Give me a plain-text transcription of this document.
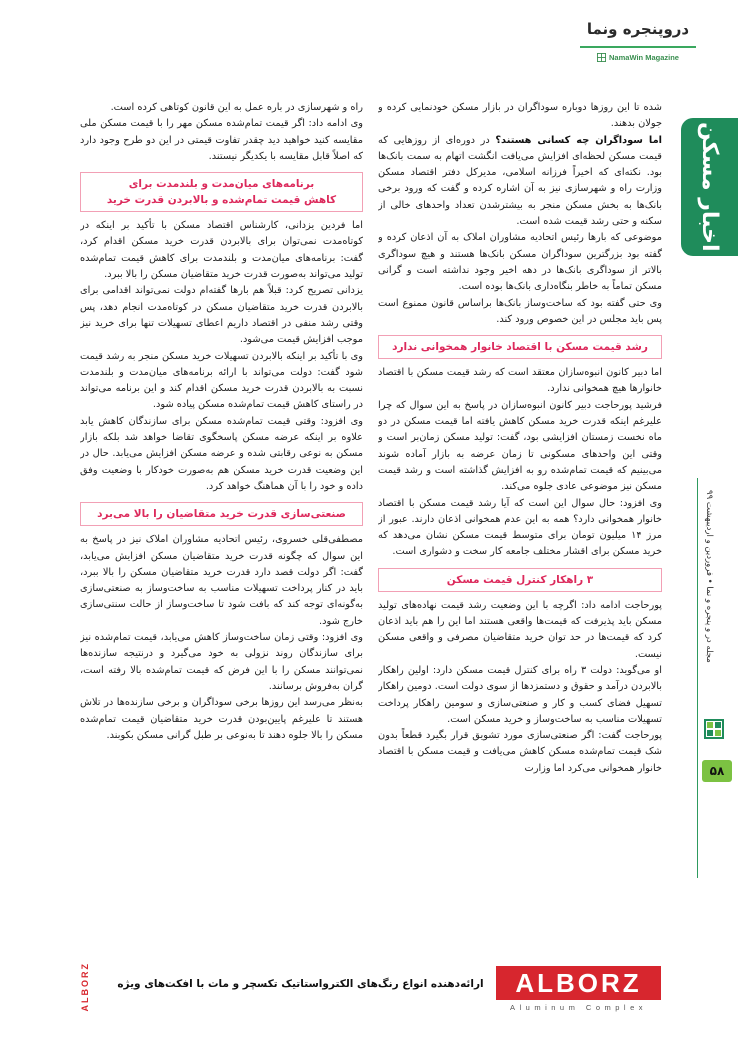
دروپنجره ونما
NamaWin Magazine
اخبار مسکن
مجله در و پنجره و نما • فروردین و اردیبهشت ۹۹
۵۸

شده تا این روزها دوباره سوداگران در بازار مسکن خودنمایی کرده و جولان بدهند.

اما سوداگران چه کسانی هستند؟ در دوره‌ای از روزهایی که قیمت مسکن لحظه‌ای افزایش می‌یافت انگشت اتهام به سمت بانک‌ها بود. نکته‌ای که اخیراً فرزانه اسلامی، مدیرکل دفتر اقتصاد مسکن وزارت راه و شهرسازی نیز به آن اشاره کرده و گفت که ورود برخی بانک‌ها به بخش مسکن منجر به بیشترشدن تعداد واحدهای خالی از سکنه و حتی رشد قیمت شده است.

موضوعی که بارها رئیس اتحادیه مشاوران املاک به آن اذعان کرده و گفته بود بزرگترین سوداگران مسکن بانک‌ها هستند و هیچ سوداگری بالاتر از سوداگری بانک‌ها در دهه اخیر وجود نداشته است و گرانی مسکن تماماً به خاطر بنگاه‌داری بانک‌ها بوده است.

وی حتی گفته بود که ساخت‌وساز بانک‌ها براساس قانون ممنوع است پس باید مجلس در این خصوص ورود کند.

رشد قیمت مسکن با اقتصاد خانوار همخوانی ندارد

اما دبیر کانون انبوه‌سازان معتقد است که رشد قیمت مسکن با اقتصاد خانوارها هیچ همخوانی ندارد.

فرشید پورحاجت دبیر کانون انبوه‌سازان در پاسخ به این سوال که چرا علیرغم اینکه قدرت خرید مسکن کاهش یافته اما قیمت مسکن در دو ماه نخست زمستان افزایشی بود، گفت: تولید مسکن زمان‌بر است و وقتی این واحدهای مسکونی تا زمان عرضه به بازار آماده شوند می‌بینیم که قیمت تمام‌شده رو به افزایش گذاشته است و رشد قیمت مسکن نیز موضوعی عادی جلوه می‌کند.

وی افزود: حال سوال این است که آیا رشد قیمت مسکن با اقتصاد خانوار همخوانی دارد؟ همه به این عدم همخوانی اذعان دارند. عبور از مرز ۱۴ میلیون تومان برای متوسط قیمت مسکن نشان می‌دهد که خرید مسکن برای اقشار مختلف جامعه کار سخت و دشواری است.

۳ راهکار کنترل قیمت مسکن

پورحاجت ادامه داد: اگرچه با این وضعیت رشد قیمت نهاده‌های تولید مسکن باید پذیرفت که قیمت‌ها واقعی هستند اما این را هم باید اذعان کرد که قیمت‌ها در حد توان خرید متقاضیان مصرفی و واقعی مسکن نیست.

او می‌گوید: دولت ۳ راه برای کنترل قیمت مسکن دارد: اولین راهکار بالابردن درآمد و حقوق و دستمزدها از سوی دولت است. دومین راهکار تسهیل فضای کسب و کار و صنعتی‌سازی و سومین راهکار پرداخت تسهیلات مناسب به ساخت‌وساز و خرید مسکن است.

پورحاجت گفت: اگر صنعتی‌سازی مورد تشویق قرار بگیرد قطعاً بدون شک قیمت تمام‌شده مسکن کاهش می‌یافت و قیمت مسکن با اقتصاد خانوار همخوانی می‌کرد اما وزارت

راه و شهرسازی در باره عمل به این قانون کوتاهی کرده است.

وی ادامه داد: اگر قیمت تمام‌شده مسکن مهر را با قیمت مسکن ملی مقایسه کنید خواهید دید چقدر تفاوت قیمتی در این دو طرح وجود دارد که اصلاً قابل مقایسه با یکدیگر نیستند.

برنامه‌های میان‌مدت و بلندمدت برای
کاهش قیمت تمام‌شده و بالابردن قدرت خرید

اما فردین یزدانی، کارشناس اقتصاد مسکن با تأکید بر اینکه در کوتاه‌مدت نمی‌توان برای بالابردن قدرت خرید مسکن اقدام کرد، گفت: برنامه‌های میان‌مدت و بلندمدت برای کاهش قیمت تمام‌شده تولید می‌تواند به‌صورت قدرت خرید متقاضیان مسکن را بالا ببرد.

یزدانی تصریح کرد: قبلاً هم بارها گفته‌ام دولت نمی‌تواند اقدامی برای بالابردن قدرت خرید متقاضیان مسکن در کوتاه‌مدت انجام دهد، پس وقتی رشد منفی در اقتصاد داریم اعطای تسهیلات تنها برای خرید نیز موجب افزایش قیمت می‌شود.

وی با تأکید بر اینکه بالابردن تسهیلات خرید مسکن منجر به رشد قیمت شود گفت: دولت می‌تواند با ارائه برنامه‌های میان‌مدت و بلندمدت نسبت به بالابردن قدرت خرید مسکن اقدام کند و این برنامه می‌تواند در راستای کاهش قیمت تمام‌شده مسکن پیاده شود.

وی افزود: وقتی قیمت تمام‌شده مسکن برای سازندگان کاهش یابد علاوه بر اینکه عرضه مسکن پاسخگوی تقاضا خواهد شد بلکه بازار مسکن به نوعی رقابتی شده و عرضه مسکن افزایش می‌یابد. حال در این وضعیت قدرت خرید مسکن هم به‌صورت خودکار با وضعیت وفق داده و خود را با آن هماهنگ خواهد کرد.

صنعتی‌سازی قدرت خرید متقاضیان را بالا می‌برد

مصطفی‌قلی خسروی، رئیس اتحادیه مشاوران املاک نیز در پاسخ به این سوال که چگونه قدرت خرید متقاضیان مسکن افزایش می‌یابد، گفت: اگر دولت قصد دارد قدرت خرید متقاضیان مسکن را بالا ببرد، باید در کنار پرداخت تسهیلات مناسب به ساخت‌وساز به صنعتی‌سازی به‌گونه‌ای توجه کند که بافت شود تا ساخت‌وساز از حالت سنتی‌سازی خارج شود.

وی افزود: وقتی زمان ساخت‌وساز کاهش می‌یابد، قیمت تمام‌شده نیز برای سازندگان روند نزولی به خود می‌گیرد و درنتیجه سازنده‌ها نمی‌توانند مسکن را با این فرض که قیمت تمام‌شده بالا رفته است، گران به‌فروش برسانند.

به‌نظر می‌رسد این روزها برخی سوداگران و برخی سازنده‌ها در تلاش هستند تا علیرغم پایین‌بودن قدرت خرید متقاضیان قیمت تمام‌شده مسکن را بالا جلوه دهند تا به‌نوعی بر طبل گرانی مسکن بکوبند.

ارائه‌دهنده انواع رنگ‌های الکترواستاتیک تکسچر و مات با افکت‌های ویژه	ALBORZ
Aluminum Complex
ALBORZ
